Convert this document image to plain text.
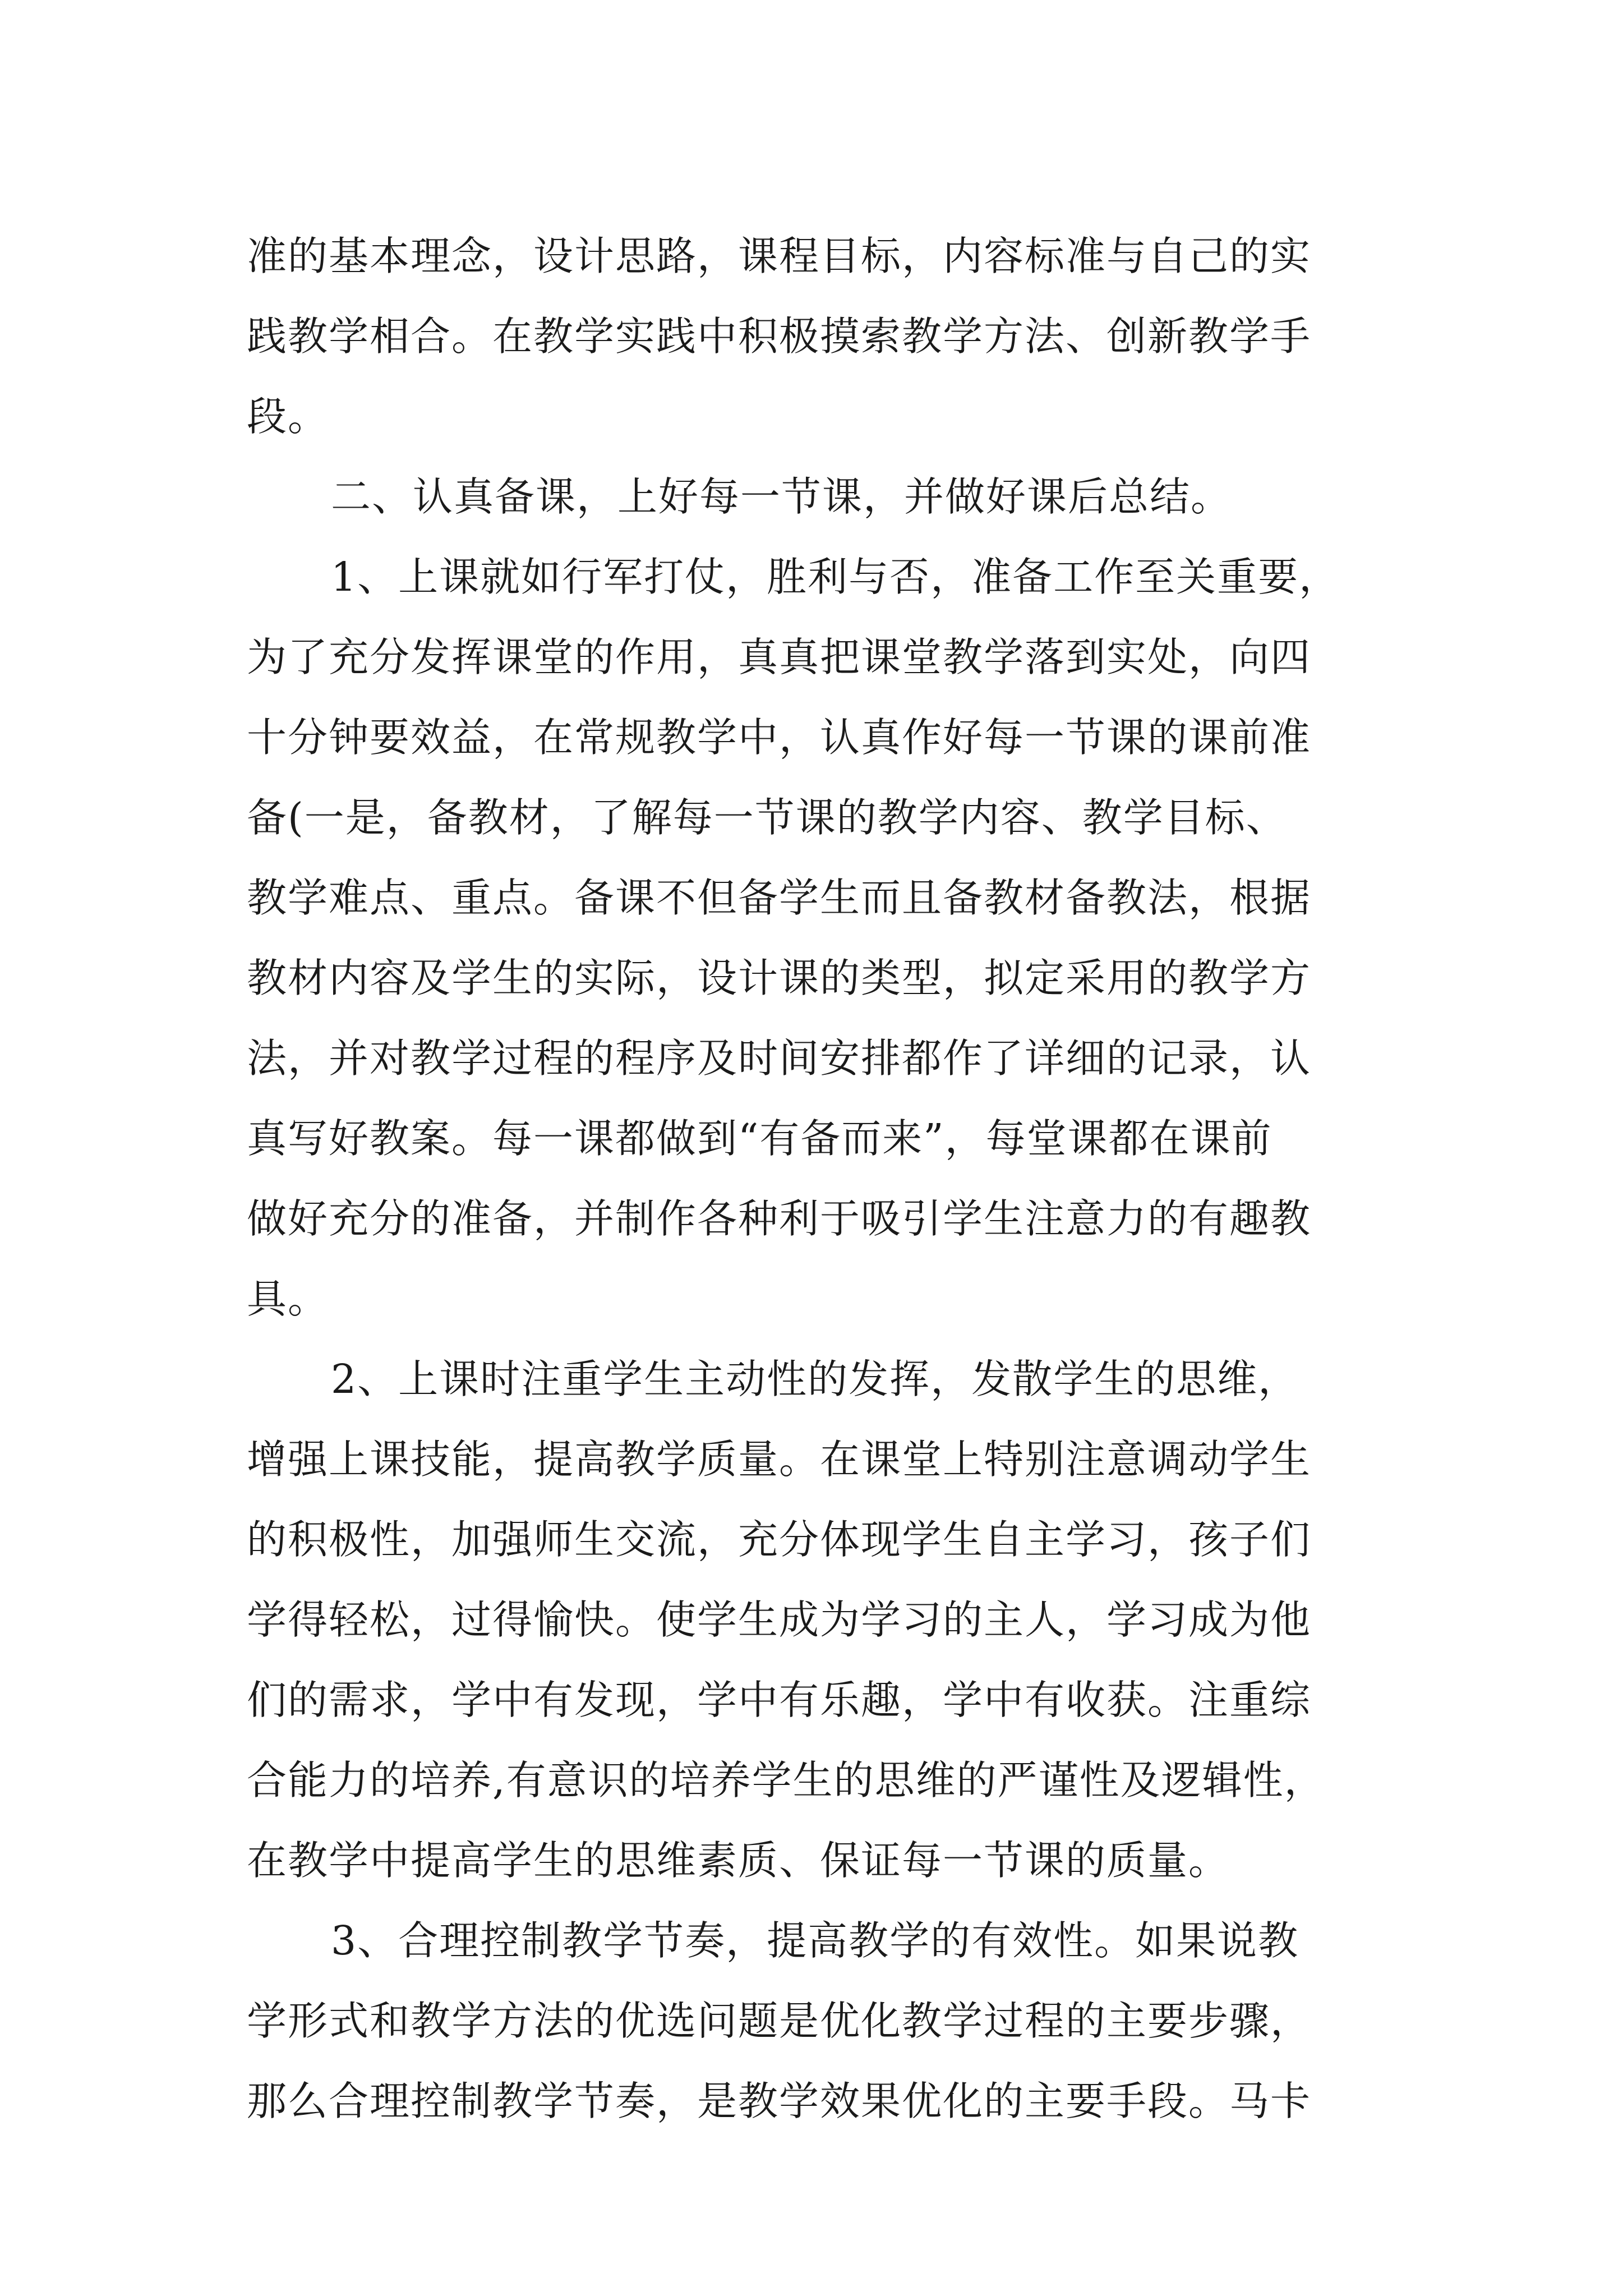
准的基本理念，设计思路，课程目标，内容标准与自己的实
践教学相合。在教学实践中积极摸索教学方法、创新教学手
段。
二、认真备课，上好每一节课，并做好课后总结。
1、上课就如行军打仗，胜利与否，准备工作至关重要，
为了充分发挥课堂的作用，真真把课堂教学落到实处，向四
十分钟要效益，在常规教学中，认真作好每一节课的课前准
备(一是，备教材，了解每一节课的教学内容、教学目标、
教学难点、重点。备课不但备学生而且备教材备教法，根据
教材内容及学生的实际，设计课的类型，拟定采用的教学方
法，并对教学过程的程序及时间安排都作了详细的记录，认
真写好教案。每一课都做到“有备而来”，每堂课都在课前
做好充分的准备，并制作各种利于吸引学生注意力的有趣教
具。
2、上课时注重学生主动性的发挥，发散学生的思维，
增强上课技能，提高教学质量。在课堂上特别注意调动学生
的积极性，加强师生交流，充分体现学生自主学习，孩子们
学得轻松，过得愉快。使学生成为学习的主人，学习成为他
们的需求，学中有发现，学中有乐趣，学中有收获。注重综
合能力的培养,有意识的培养学生的思维的严谨性及逻辑性，
在教学中提高学生的思维素质、保证每一节课的质量。
3、合理控制教学节奏，提高教学的有效性。如果说教
学形式和教学方法的优选问题是优化教学过程的主要步骤，
那么合理控制教学节奏，是教学效果优化的主要手段。马卡
